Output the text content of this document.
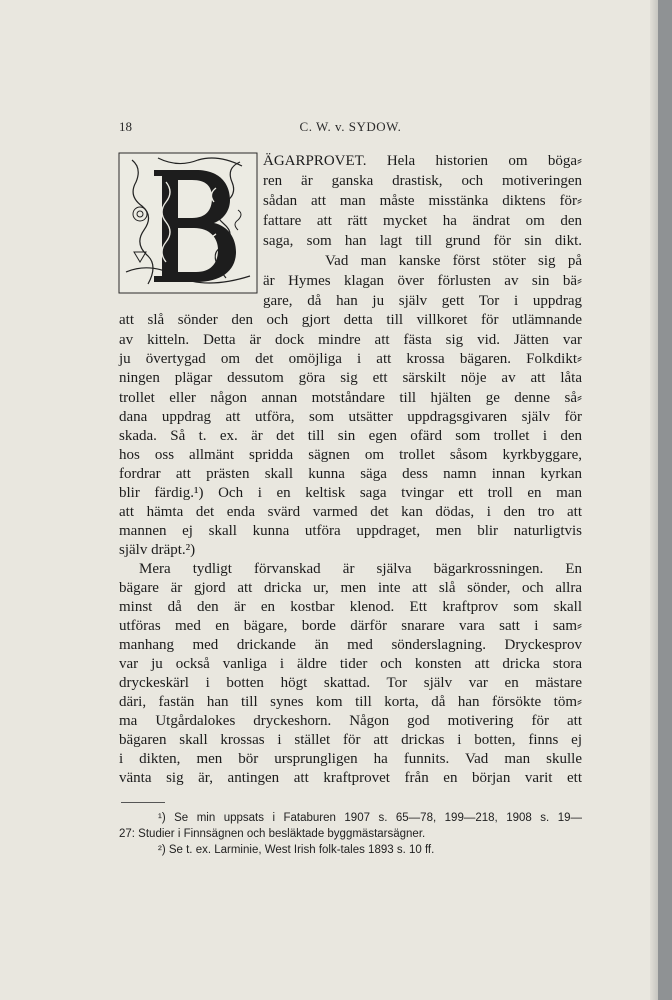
18	C. W. v. SYDOW.
ÄGARPROVET. Hela historien om böga⸗
ren är ganska drastisk, och motiveringen
sådan att man måste misstänka diktens för⸗
fattare att rätt mycket ha ändrat om den
saga, som han lagt till grund för sin dikt.
Vad man kanske först stöter sig på
är Hymes klagan över förlusten av sin bä⸗
gare, då han ju själv gett Tor i uppdrag
att slå sönder den och gjort detta till villkoret för utlämnande
av kitteln. Detta är dock mindre att fästa sig vid. Jätten var
ju övertygad om det omöjliga i att krossa bägaren. Folkdikt⸗
ningen plägar dessutom göra sig ett särskilt nöje av att låta
trollet eller någon annan motståndare till hjälten ge denne så⸗
dana uppdrag att utföra, som utsätter uppdragsgivaren själv för
skada. Så t. ex. är det till sin egen ofärd som trollet i den
hos oss allmänt spridda sägnen om trollet såsom kyrkbyggare,
fordrar att prästen skall kunna säga dess namn innan kyrkan
blir färdig.¹) Och i en keltisk saga tvingar ett troll en man
att hämta det enda svärd varmed det kan dödas, i den tro att
mannen ej skall kunna utföra uppdraget, men blir naturligtvis
själv dräpt.²)
Mera tydligt förvanskad är själva bägarkrossningen. En
bägare är gjord att dricka ur, men inte att slå sönder, och allra
minst då den är en kostbar klenod. Ett kraftprov som skall
utföras med en bägare, borde därför snarare vara satt i sam⸗
manhang med drickande än med sönderslagning. Dryckesprov
var ju också vanliga i äldre tider och konsten att dricka stora
dryckeskärl i botten högt skattad. Tor själv var en mästare
däri, fastän han till synes kom till korta, då han försökte töm⸗
ma Utgårdalokes dryckeshorn. Någon god motivering för att
bägaren skall krossas i stället för att drickas i botten, finns ej
i dikten, men bör ursprungligen ha funnits. Vad man skulle
vänta sig är, antingen att kraftprovet från en början varit ett
¹) Se min uppsats i Fataburen 1907 s. 65—78, 199—218, 1908 s. 19—
27: Studier i Finnsägnen och besläktade byggmästarsägner.
²) Se t. ex. Larminie, West Irish folk-tales 1893 s. 10 ff.
